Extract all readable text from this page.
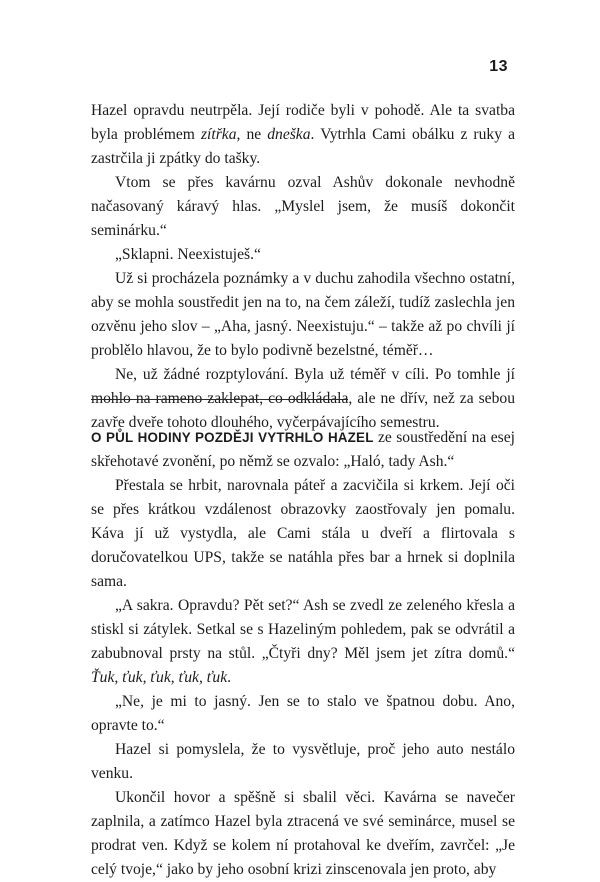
13

Hazel opravdu neutrpěla. Její rodiče byli v pohodě. Ale ta svatba byla problémem zítřka, ne dneška. Vytrhla Cami obálku z ruky a zastrčila ji zpátky do tašky.

Vtom se přes kavárnu ozval Ashův dokonale nevhodně načasovaný káravý hlas. „Myslel jsem, že musíš dokončit seminárku.“

„Sklapni. Neexistuješ.“

Už si procházela poznámky a v duchu zahodila všechno ostatní, aby se mohla soustředit jen na to, na čem záleží, tudíž zaslechla jen ozvěnu jeho slov – „Aha, jasný. Neexistuju.“ – takže až po chvíli jí problělo hlavou, že to bylo podivně bezelstné, téměř…

Ne, už žádné rozptylování. Byla už téměř v cíli. Po tomhle jí mohlo na rameno zaklepat, co odkládala, ale ne dřív, než za sebou zavře dveře tohoto dlouhého, vyčerpávajícího semestru.

O PŮL HODINY POZDĚJI VYTRHLO HAZEL ze soustředění na esej skřehotavé zvonění, po němž se ozvalo: „Haló, tady Ash.“

Přestala se hrbit, narovnala páteř a zacvičila si krkem. Její oči se přes krátkou vzdálenost obrazovky zaostřovaly jen pomalu. Káva jí už vystydla, ale Cami stála u dveří a flirtovala s doručovatelkou UPS, takže se natáhla přes bar a hrnek si doplnila sama.

„A sakra. Opravdu? Pět set?“ Ash se zvedl ze zeleného křesla a stiskl si zátylek. Setkal se s Hazeliným pohledem, pak se odvrátil a zabubnoval prsty na stůl. „Čtyři dny? Měl jsem jet zítra domů.“ Ťuk, ťuk, ťuk, ťuk, ťuk.

„Ne, je mi to jasný. Jen se to stalo ve špatnou dobu. Ano, opravte to.“

Hazel si pomyslela, že to vysvětluje, proč jeho auto nestálo venku.

Ukončil hovor a spěšně si sbalil věci. Kavárna se navečer zaplnila, a zatímco Hazel byla ztracená ve své seminárce, musel se prodrat ven. Když se kolem ní protahoval ke dveřím, zavrčel: „Je celý tvoje,“ jako by jeho osobní krizi zinscenovala jen proto, aby
